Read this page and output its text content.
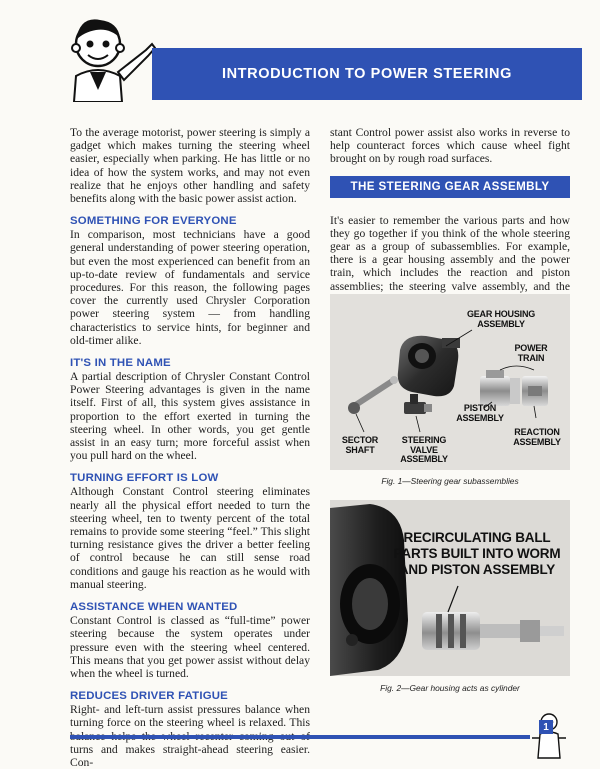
INTRODUCTION TO POWER STEERING

To the average motorist, power steering is simply a gadget which makes turning the steering wheel easier, especially when parking. He has little or no idea of how the system works, and may not even realize that he enjoys other handling and safety benefits along with the basic power assist action.

SOMETHING FOR EVERYONE

In comparison, most technicians have a good general understanding of power steering operation, but even the most experienced can benefit from an up-to-date review of fundamentals and service procedures. For this reason, the following pages cover the currently used Chrysler Corporation power steering system — from handling characteristics to service hints, for beginner and old-timer alike.

IT'S IN THE NAME

A partial description of Chrysler Constant Control Power Steering advantages is given in the name itself. First of all, this system gives assistance in proportion to the effort exerted in turning the steering wheel. In other words, you get gentle assist in an easy turn; more forceful assist when you pull hard on the wheel.

TURNING EFFORT IS LOW

Although Constant Control steering eliminates nearly all the physical effort needed to turn the steering wheel, ten to twenty percent of the total remains to provide some steering “feel.” This slight turning resistance gives the driver a better feeling of control because he can still sense road conditions and gauge his reaction as he would with manual steering.

ASSISTANCE WHEN WANTED

Constant Control is classed as “full-time” power steering because the system operates under pressure even with the steering wheel centered. This means that you get power assist without delay when the wheel is turned.

REDUCES DRIVER FATIGUE

Right- and left-turn assist pressures balance when turning force on the steering wheel is relaxed. This turns and makes straight-ahead steering easier. Con-

stant Control power assist also works in reverse to help counteract forces which cause wheel fight brought on by rough road surfaces.

THE STEERING GEAR ASSEMBLY

It's easier to remember the various parts and how they go together if you think of the whole steering gear as a group of subassemblies. For example, there is a gear housing assembly and the power train, which includes the reaction and piston assemblies; the steering valve assembly, and the

GEAR HOUSING ASSEMBLY
POWER TRAIN
PISTON ASSEMBLY
REACTION ASSEMBLY
SECTOR SHAFT
STEERING VALVE ASSEMBLY
Fig. 1—Steering gear subassemblies
RECIRCULATING BALL PARTS BUILT INTO WORM AND PISTON ASSEMBLY
Fig. 2—Gear housing acts as cylinder
1
